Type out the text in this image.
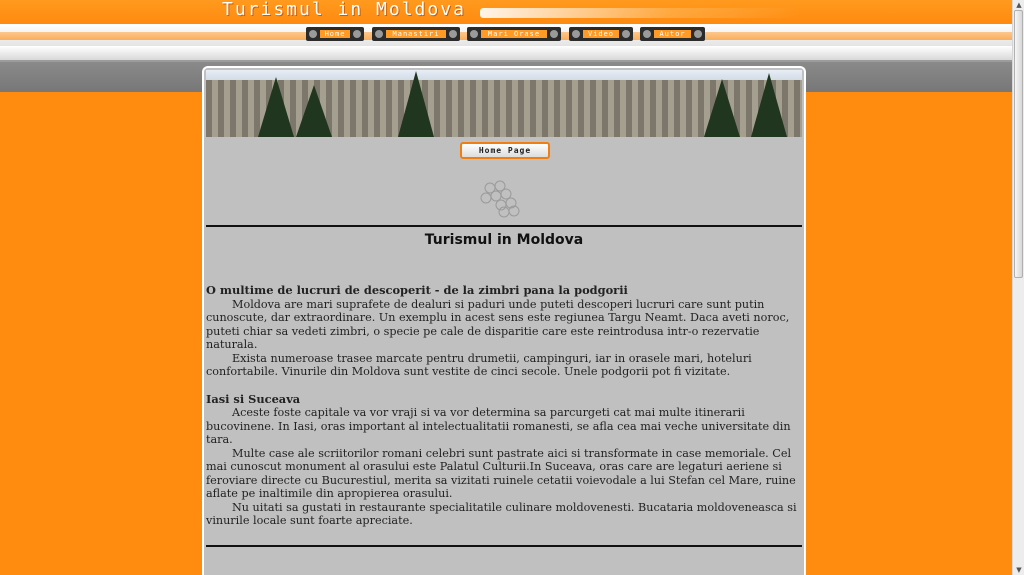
Turismul in Moldova
Home	Manastiri	Mari Orase	Video	Autor
Home Page
Turismul in Moldova
O multime de lucruri de descoperit - de la zimbri pana la podgorii

Moldova are mari suprafete de dealuri si paduri unde puteti descoperi lucruri care sunt putin cunoscute, dar extraordinare. Un exemplu in acest sens este regiunea Targu Neamt. Daca aveti noroc, puteti chiar sa vedeti zimbri, o specie pe cale de disparitie care este reintrodusa intr-o rezervatie naturala.

Exista numeroase trasee marcate pentru drumetii, campinguri, iar in orasele mari, hoteluri confortabile. Vinurile din Moldova sunt vestite de cinci secole. Unele podgorii pot fi vizitate.

Iasi si Suceava

Aceste foste capitale va vor vraji si va vor determina sa parcurgeti cat mai multe itinerarii bucovinene. In Iasi, oras important al intelectualitatii romanesti, se afla cea mai veche universitate din tara.

Multe case ale scriitorilor romani celebri sunt pastrate aici si transformate in case memoriale. Cel mai cunoscut monument al orasului este Palatul Culturii.In Suceava, oras care are legaturi aeriene si feroviare directe cu Bucurestiul, merita sa vizitati ruinele cetatii voievodale a lui Stefan cel Mare, ruine aflate pe inaltimile din apropierea orasului.

Nu uitati sa gustati in restaurante specialitatile culinare moldovenesti. Bucataria moldoveneasca si vinurile locale sunt foarte apreciate.

▲
▼
